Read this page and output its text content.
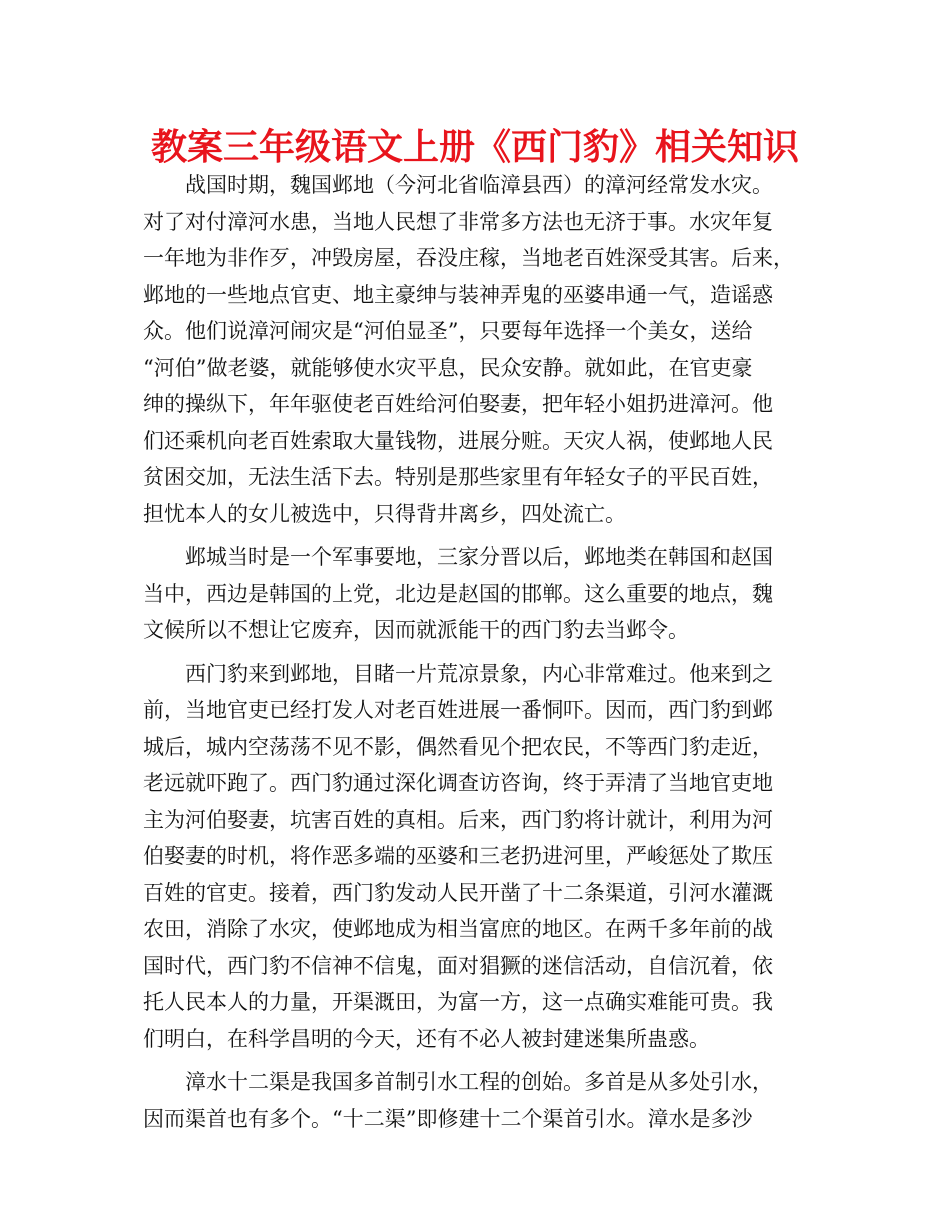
教案三年级语文上册《西门豹》相关知识
战国时期，魏国邺地（今河北省临漳县西）的漳河经常发水灾。
对了对付漳河水患，当地人民想了非常多方法也无济于事。水灾年复
一年地为非作歹，冲毁房屋，吞没庄稼，当地老百姓深受其害。后来，
邺地的一些地点官吏、地主豪绅与装神弄鬼的巫婆串通一气，造谣惑
众。他们说漳河闹灾是“河伯显圣”，只要每年选择一个美女，送给
“河伯”做老婆，就能够使水灾平息，民众安静。就如此，在官吏豪
绅的操纵下，年年驱使老百姓给河伯娶妻，把年轻小姐扔进漳河。他
们还乘机向老百姓索取大量钱物，进展分赃。天灾人祸，使邺地人民
贫困交加，无法生活下去。特别是那些家里有年轻女子的平民百姓，
担忧本人的女儿被选中，只得背井离乡，四处流亡。
邺城当时是一个军事要地，三家分晋以后，邺地类在韩国和赵国
当中，西边是韩国的上党，北边是赵国的邯郸。这么重要的地点，魏
文候所以不想让它废弃，因而就派能干的西门豹去当邺令。
西门豹来到邺地，目睹一片荒凉景象，内心非常难过。他来到之
前，当地官吏已经打发人对老百姓进展一番恫吓。因而，西门豹到邺
城后，城内空荡荡不见不影，偶然看见个把农民，不等西门豹走近，
老远就吓跑了。西门豹通过深化调查访咨询，终于弄清了当地官吏地
主为河伯娶妻，坑害百姓的真相。后来，西门豹将计就计，利用为河
伯娶妻的时机，将作恶多端的巫婆和三老扔进河里，严峻惩处了欺压
百姓的官吏。接着，西门豹发动人民开凿了十二条渠道，引河水灌溉
农田，消除了水灾，使邺地成为相当富庶的地区。在两千多年前的战
国时代，西门豹不信神不信鬼，面对猖獗的迷信活动，自信沉着，依
托人民本人的力量，开渠溉田，为富一方，这一点确实难能可贵。我
们明白，在科学昌明的今天，还有不必人被封建迷集所蛊惑。
漳水十二渠是我国多首制引水工程的创始。多首是从多处引水，
因而渠首也有多个。“十二渠”即修建十二个渠首引水。漳水是多沙
